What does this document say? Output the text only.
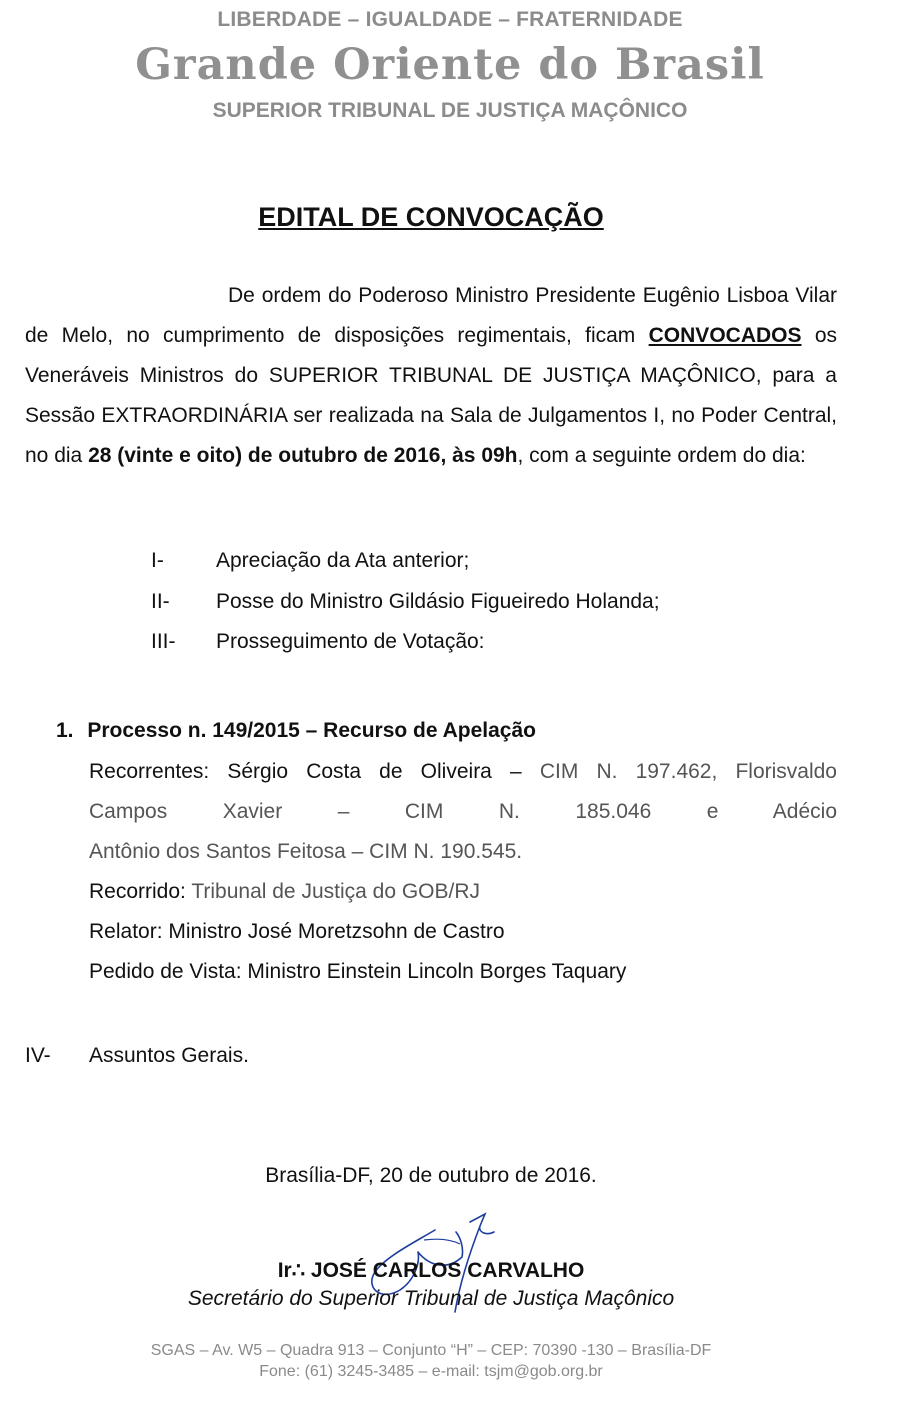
LIBERDADE – IGUALDADE – FRATERNIDADE

Grande Oriente do Brasil

SUPERIOR TRIBUNAL DE JUSTIÇA MAÇÔNICO

EDITAL DE CONVOCAÇÃO

De ordem do Poderoso Ministro Presidente Eugênio Lisboa Vilar de Melo, no cumprimento de disposições regimentais, ficam CONVOCADOS os Veneráveis Ministros do SUPERIOR TRIBUNAL DE JUSTIÇA MAÇÔNICO, para a Sessão EXTRAORDINÁRIA ser realizada na Sala de Julgamentos I, no Poder Central, no dia 28 (vinte e oito) de outubro de 2016, às 09h, com a seguinte ordem do dia:

I- Apreciação da Ata anterior;
II- Posse do Ministro Gildásio Figueiredo Holanda;
III- Prosseguimento de Votação:
1. Processo n. 149/2015 – Recurso de Apelação

Recorrentes: Sérgio Costa de Oliveira – CIM N. 197.462, Florisvaldo

Campos Xavier – CIM N. 185.046 e Adécio

Antônio dos Santos Feitosa – CIM N. 190.545.

Recorrido: Tribunal de Justiça do GOB/RJ

Relator: Ministro José Moretzsohn de Castro

Pedido de Vista: Ministro Einstein Lincoln Borges Taquary

IV- Assuntos Gerais.
Brasília-DF, 20 de outubro de 2016.
Ir∴ JOSÉ CARLOS CARVALHO
Secretário do Superior Tribunal de Justiça Maçônico
SGAS – Av. W5 – Quadra 913 – Conjunto “H” – CEP: 70390 -130 – Brasília-DF
Fone: (61) 3245-3485 – e-mail: tsjm@gob.org.br
